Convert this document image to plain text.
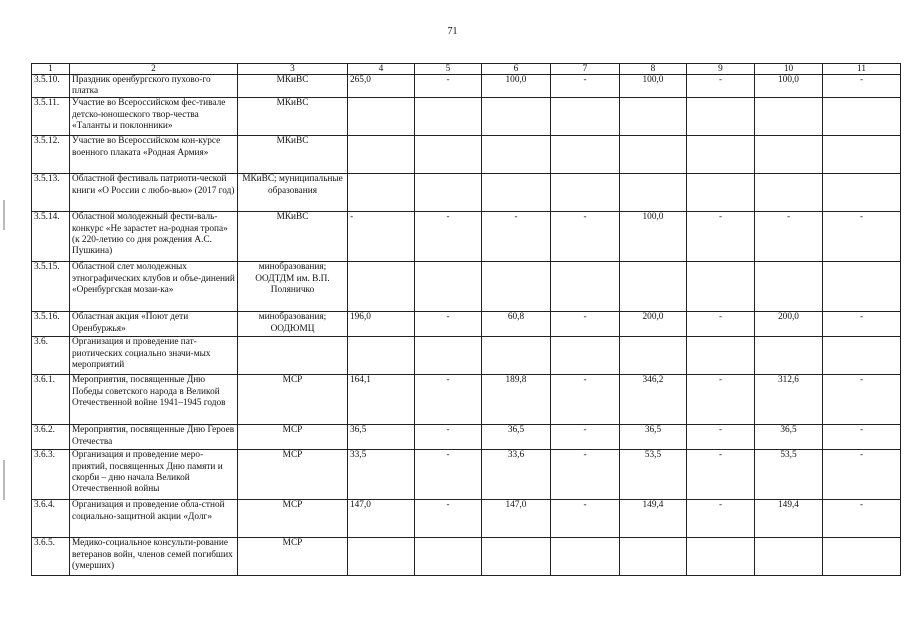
71
1	2	3	4	5	6	7	8	9	10	11
3.5.10.	Праздник оренбургского пухово-го платка	МКиВС	265,0	-	100,0	-	100,0	-	100,0	-
3.5.11.	Участие во Всероссийском фес-тивале детско-юношеского твор-чества «Таланты и поклонники»	МКиВС								
3.5.12.	Участие во Всероссийском кон-курсе военного плаката «Родная Армия»	МКиВС								
3.5.13.	Областной фестиваль патриоти-ческой книги «О России с любо-вью» (2017 год)	МКиВС; муниципальные образования								
3.5.14.	Областной молодежный фести-валь-конкурс «Не зарастет на-родная тропа» (к 220-летию со дня рождения А.С. Пушкина)	МКиВС	-	-	-	-	100,0	-	-	-
3.5.15.	Областной слет молодежных этнографических клубов и объе-динений «Оренбургская мозаи-ка»	минобразования; ООДТДМ им. В.П. Поляничко								
3.5.16.	Областная акция «Поют дети Оренбуржья»	минобразования; ООДЮМЦ	196,0	-	60,8	-	200,0	-	200,0	-
3.6.	Организация и проведение пат-риотических социально значи-мых мероприятий									
3.6.1.	Мероприятия, посвященные Дню Победы советского народа в Великой Отечественной войне 1941–1945 годов	МСР	164,1	-	189,8	-	346,2	-	312,6	-
3.6.2.	Мероприятия, посвященные Дню Героев Отечества	МСР	36,5	-	36,5	-	36,5	-	36,5	-
3.6.3.	Организация и проведение меро-приятий, посвященных Дню памяти и скорби – дню начала Великой Отечественной войны	МСР	33,5	-	33,6	-	53,5	-	53,5	-
3.6.4.	Организация и проведение обла-стной социально-защитной акции «Долг»	МСР	147,0	-	147,0	-	149,4	-	149,4	-
3.6.5.	Медико-социальное консульти-рование ветеранов войн, членов семей погибших (умерших)	МСР								
